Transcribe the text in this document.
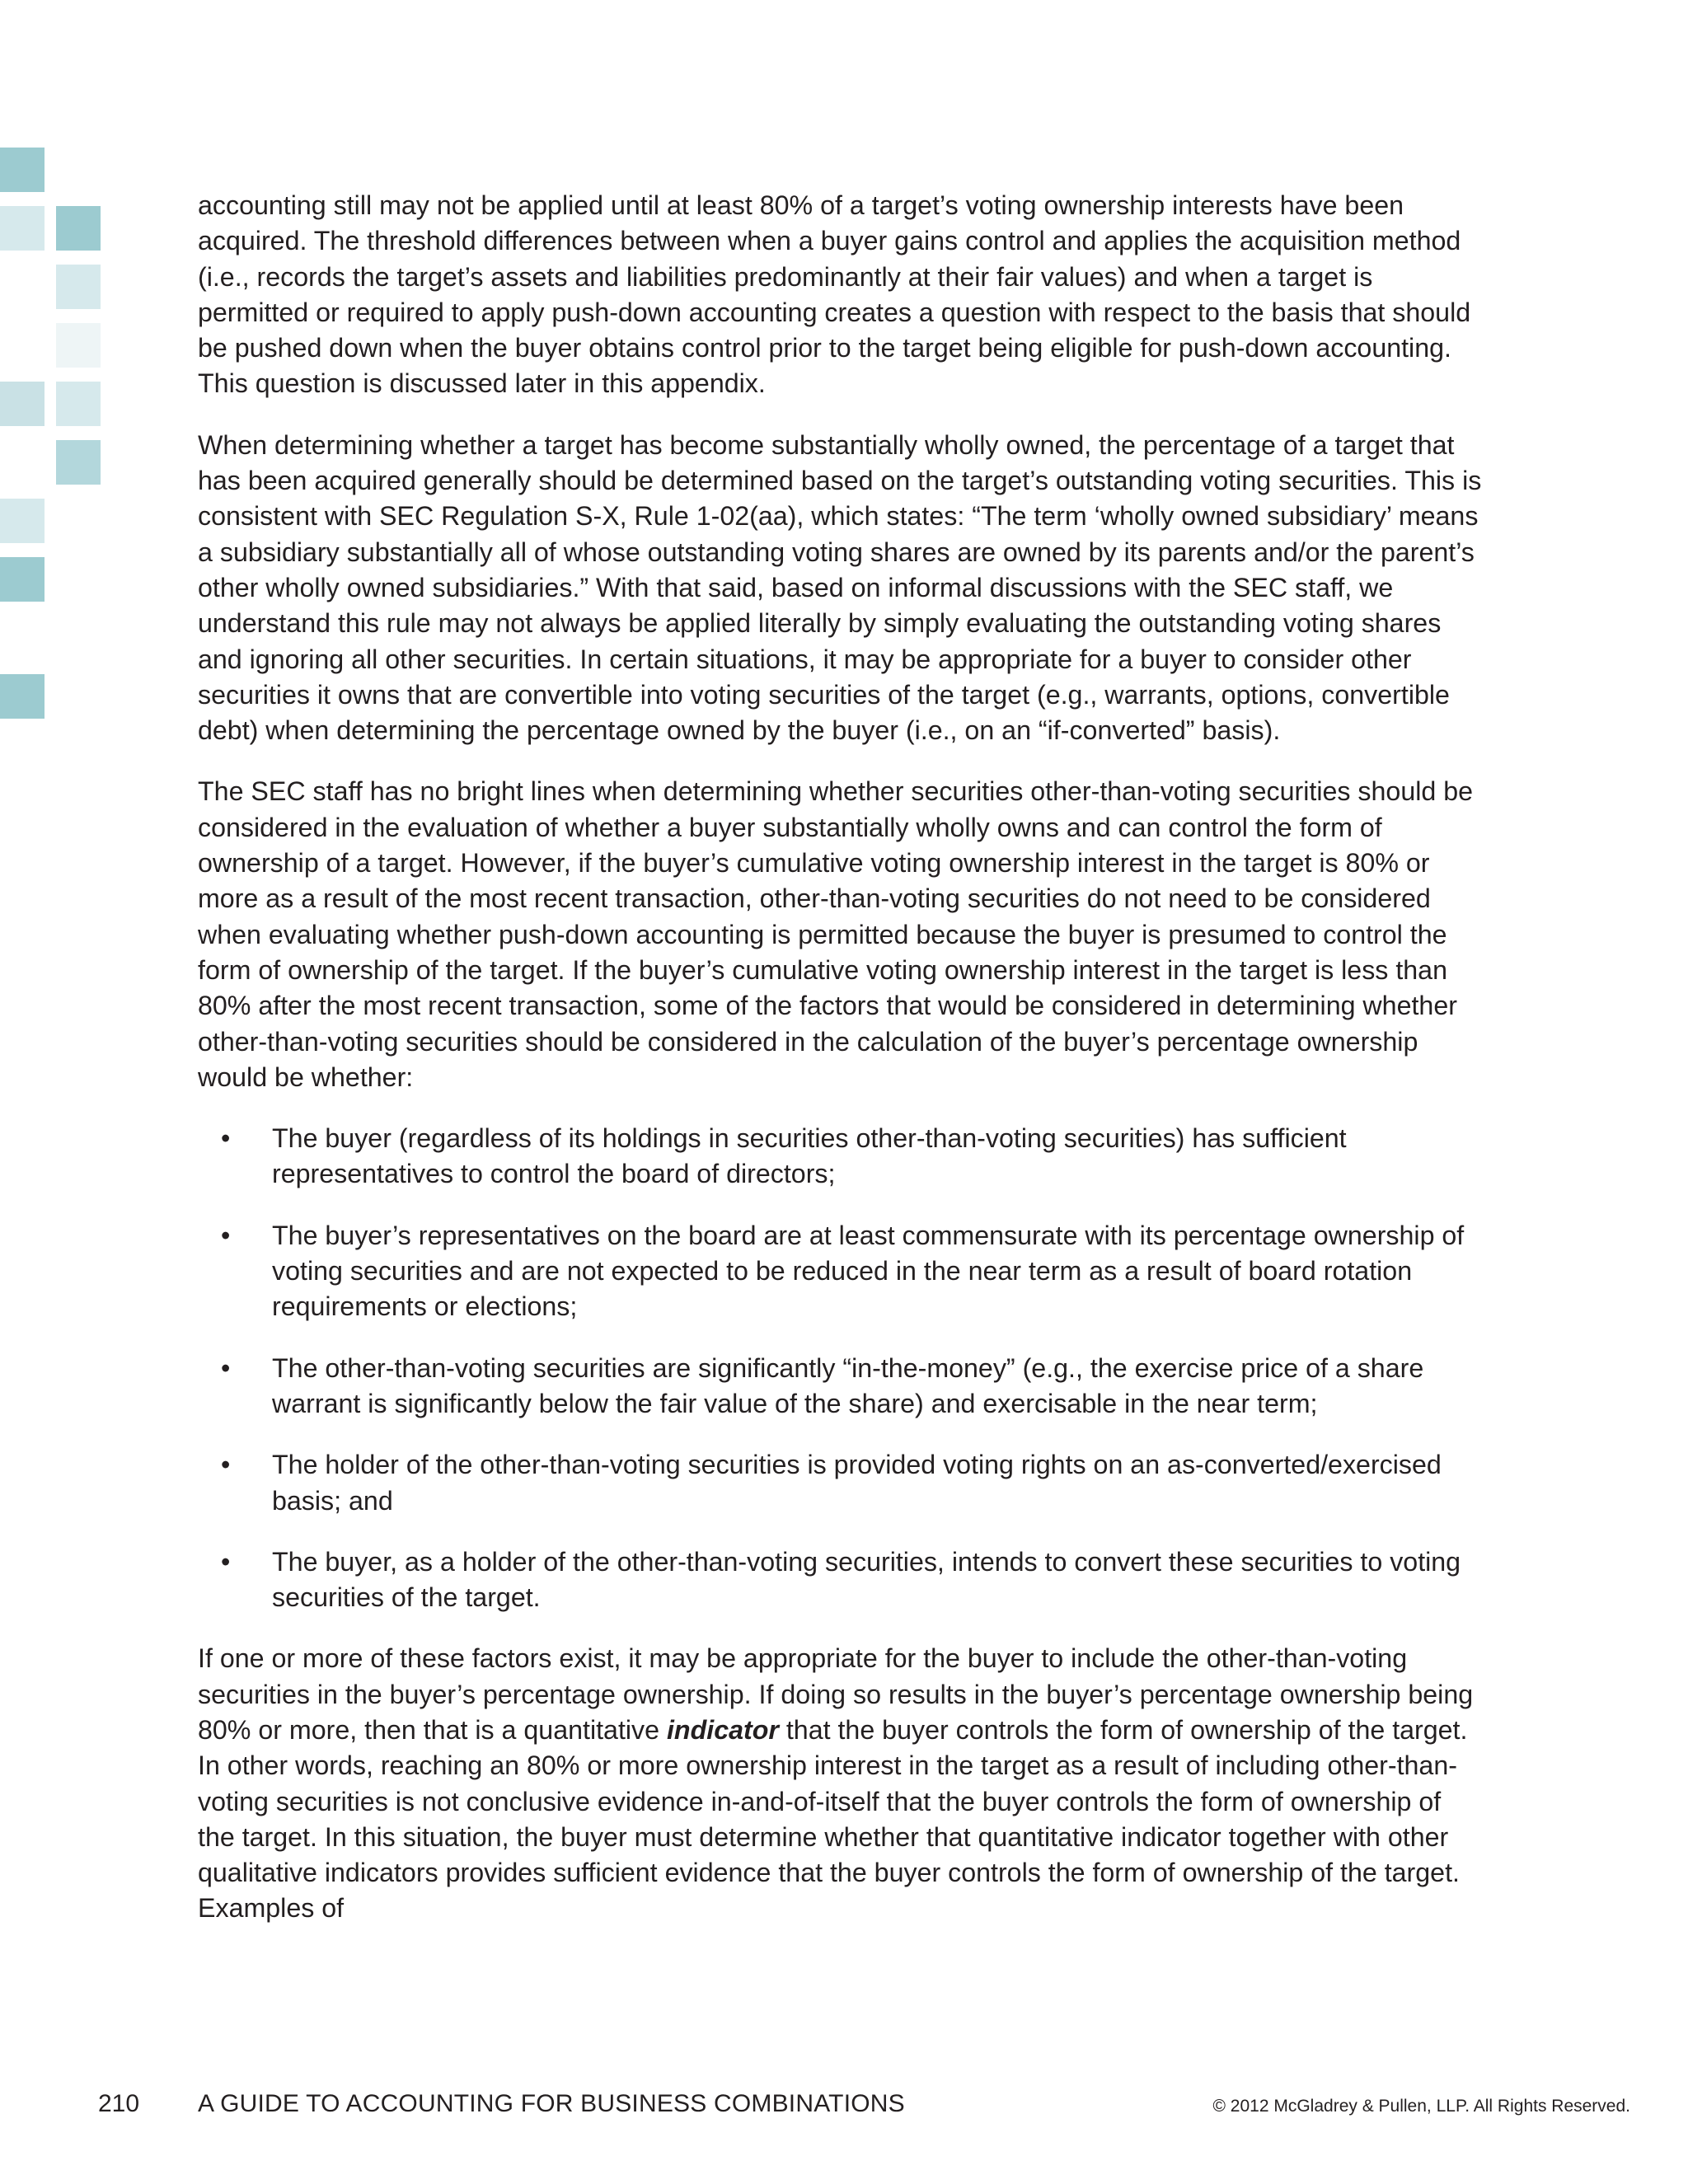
accounting still may not be applied until at least 80% of a target’s voting ownership interests have been acquired. The threshold differences between when a buyer gains control and applies the acquisition method (i.e., records the target’s assets and liabilities predominantly at their fair values) and when a target is permitted or required to apply push-down accounting creates a question with respect to the basis that should be pushed down when the buyer obtains control prior to the target being eligible for push-down accounting. This question is discussed later in this appendix.

When determining whether a target has become substantially wholly owned, the percentage of a target that has been acquired generally should be determined based on the target’s outstanding voting securities. This is consistent with SEC Regulation S-X, Rule 1-02(aa), which states: “The term ‘wholly owned subsidiary’ means a subsidiary substantially all of whose outstanding voting shares are owned by its parents and/or the parent’s other wholly owned subsidiaries.” With that said, based on informal discussions with the SEC staff, we understand this rule may not always be applied literally by simply evaluating the outstanding voting shares and ignoring all other securities. In certain situations, it may be appropriate for a buyer to consider other securities it owns that are convertible into voting securities of the target (e.g., warrants, options, convertible debt) when determining the percentage owned by the buyer (i.e., on an “if-converted” basis).

The SEC staff has no bright lines when determining whether securities other-than-voting securities should be considered in the evaluation of whether a buyer substantially wholly owns and can control the form of ownership of a target. However, if the buyer’s cumulative voting ownership interest in the target is 80% or more as a result of the most recent transaction, other-than-voting securities do not need to be considered when evaluating whether push-down accounting is permitted because the buyer is presumed to control the form of ownership of the target. If the buyer’s cumulative voting ownership interest in the target is less than 80% after the most recent transaction, some of the factors that would be considered in determining whether other-than-voting securities should be considered in the calculation of the buyer’s percentage ownership would be whether:

• The buyer (regardless of its holdings in securities other-than-voting securities) has sufficient representatives to control the board of directors;
• The buyer’s representatives on the board are at least commensurate with its percentage ownership of voting securities and are not expected to be reduced in the near term as a result of board rotation requirements or elections;
• The other-than-voting securities are significantly “in-the-money” (e.g., the exercise price of a share warrant is significantly below the fair value of the share) and exercisable in the near term;
• The holder of the other-than-voting securities is provided voting rights on an as-converted/exercised basis; and
• The buyer, as a holder of the other-than-voting securities, intends to convert these securities to voting securities of the target.

If one or more of these factors exist, it may be appropriate for the buyer to include the other-than-voting securities in the buyer’s percentage ownership. If doing so results in the buyer’s percentage ownership being 80% or more, then that is a quantitative indicator that the buyer controls the form of ownership of the target. In other words, reaching an 80% or more ownership interest in the target as a result of including other-than-voting securities is not conclusive evidence in-and-of-itself that the buyer controls the form of ownership of the target. In this situation, the buyer must determine whether that quantitative indicator together with other qualitative indicators provides sufficient evidence that the buyer controls the form of ownership of the target. Examples of

210 A GUIDE TO ACCOUNTING FOR BUSINESS COMBINATIONS	© 2012 McGladrey & Pullen, LLP. All Rights Reserved.
